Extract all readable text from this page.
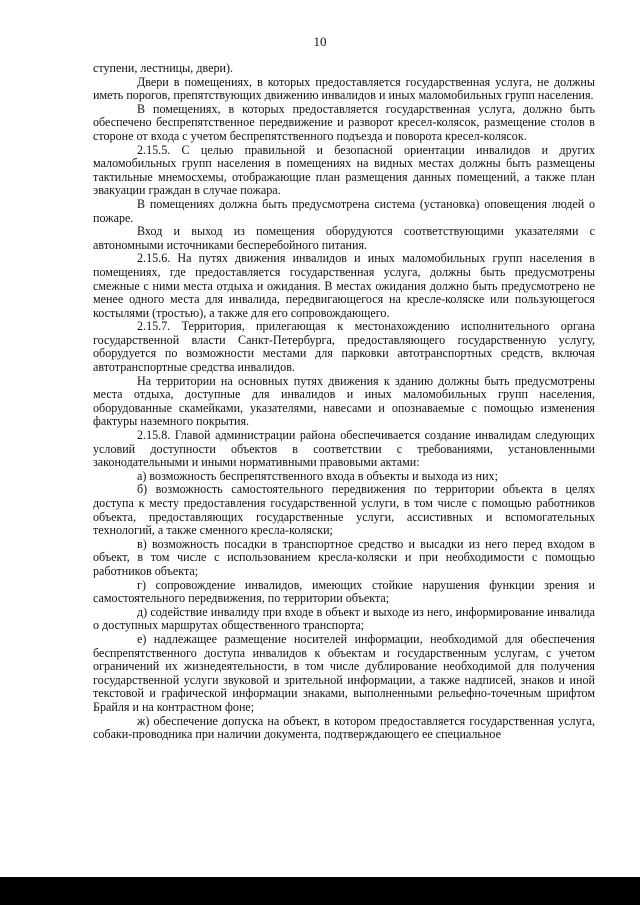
10

ступени, лестницы, двери).

Двери в помещениях, в которых предоставляется государственная услуга, не должны иметь порогов, препятствующих движению инвалидов и иных маломобильных групп населения.

В помещениях, в которых предоставляется государственная услуга, должно быть обеспечено беспрепятственное передвижение и разворот кресел-колясок, размещение столов в стороне от входа с учетом беспрепятственного подъезда и поворота кресел-колясок.

2.15.5. С целью правильной и безопасной ориентации инвалидов и других маломобильных групп населения в помещениях на видных местах должны быть размещены тактильные мнемосхемы, отображающие план размещения данных помещений, а также план эвакуации граждан в случае пожара.

В помещениях должна быть предусмотрена система (установка) оповещения людей о пожаре.

Вход и выход из помещения оборудуются соответствующими указателями с автономными источниками бесперебойного питания.

2.15.6. На путях движения инвалидов и иных маломобильных групп населения в помещениях, где предоставляется государственная услуга, должны быть предусмотрены смежные с ними места отдыха и ожидания. В местах ожидания должно быть предусмотрено не менее одного места для инвалида, передвигающегося на кресле-коляске или пользующегося костылями (тростью), а также для его сопровождающего.

2.15.7. Территория, прилегающая к местонахождению исполнительного органа государственной власти Санкт-Петербурга, предоставляющего государственную услугу, оборудуется по возможности местами для парковки автотранспортных средств, включая автотранспортные средства инвалидов.

На территории на основных путях движения к зданию должны быть предусмотрены места отдыха, доступные для инвалидов и иных маломобильных групп населения, оборудованные скамейками, указателями, навесами и опознаваемые с помощью изменения фактуры наземного покрытия.

2.15.8. Главой администрации района обеспечивается создание инвалидам следующих условий доступности объектов в соответствии с требованиями, установленными законодательными и иными нормативными правовыми актами:

а) возможность беспрепятственного входа в объекты и выхода из них;

б) возможность самостоятельного передвижения по территории объекта в целях доступа к месту предоставления государственной услуги, в том числе с помощью работников объекта, предоставляющих государственные услуги, ассистивных и вспомогательных технологий, а также сменного кресла-коляски;

в) возможность посадки в транспортное средство и высадки из него перед входом в объект, в том числе с использованием кресла-коляски и при необходимости с помощью работников объекта;

г) сопровождение инвалидов, имеющих стойкие нарушения функции зрения и самостоятельного передвижения, по территории объекта;

д) содействие инвалиду при входе в объект и выходе из него, информирование инвалида о доступных маршрутах общественного транспорта;

е) надлежащее размещение носителей информации, необходимой для обеспечения беспрепятственного доступа инвалидов к объектам и государственным услугам, с учетом ограничений их жизнедеятельности, в том числе дублирование необходимой для получения государственной услуги звуковой и зрительной информации, а также надписей, знаков и иной текстовой и графической информации знаками, выполненными рельефно-точечным шрифтом Брайля и на контрастном фоне;

ж) обеспечение допуска на объект, в котором предоставляется государственная услуга, собаки-проводника при наличии документа, подтверждающего ее специальное
